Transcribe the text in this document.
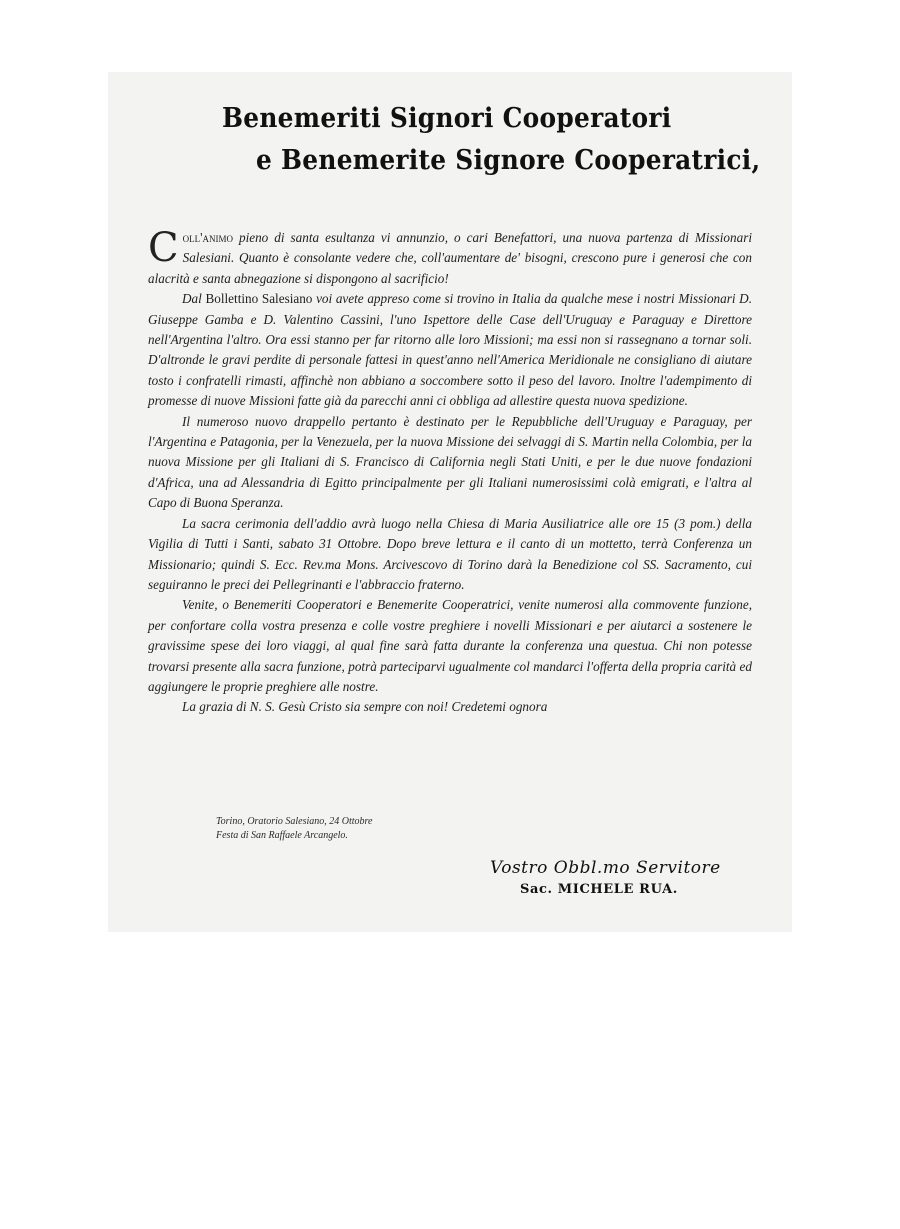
Benemeriti Signori Cooperatori
e Benemerite Signore Cooperatrici,

Coll'animo pieno di santa esultanza vi annunzio, o cari Benefattori, una nuova partenza di Missionari Salesiani. Quanto è consolante vedere che, coll'aumentare de' bisogni, crescono pure i generosi che con alacrità e santa abnegazione si dispongono al sacrificio!

Dal Bollettino Salesiano voi avete appreso come si trovino in Italia da qualche mese i nostri Missionari D. Giuseppe Gamba e D. Valentino Cassini, l'uno Ispettore delle Case dell'Uruguay e Paraguay e Direttore nell'Argentina l'altro. Ora essi stanno per far ritorno alle loro Missioni; ma essi non si rassegnano a tornar soli. D'altronde le gravi perdite di personale fattesi in quest'anno nell'America Meridionale ne consigliano di aiutare tosto i confratelli rimasti, affinchè non abbiano a soccombere sotto il peso del lavoro. Inoltre l'adempimento di promesse di nuove Missioni fatte già da parecchi anni ci obbliga ad allestire questa nuova spedizione.

Il numeroso nuovo drappello pertanto è destinato per le Repubbliche dell'Uruguay e Paraguay, per l'Argentina e Patagonia, per la Venezuela, per la nuova Missione dei selvaggi di S. Martin nella Colombia, per la nuova Missione per gli Italiani di S. Francisco di California negli Stati Uniti, e per le due nuove fondazioni d'Africa, una ad Alessandria di Egitto principalmente per gli Italiani numerosissimi colà emigrati, e l'altra al Capo di Buona Speranza.

La sacra cerimonia dell'addio avrà luogo nella Chiesa di Maria Ausiliatrice alle ore 15 (3 pom.) della Vigilia di Tutti i Santi, sabato 31 Ottobre. Dopo breve lettura e il canto di un mottetto, terrà Conferenza un Missionario; quindi S. Ecc. Rev.ma Mons. Arcivescovo di Torino darà la Benedizione col SS. Sacramento, cui seguiranno le preci dei Pellegrinanti e l'abbraccio fraterno.

Venite, o Benemeriti Cooperatori e Benemerite Cooperatrici, venite numerosi alla commovente funzione, per confortare colla vostra presenza e colle vostre preghiere i novelli Missionari e per aiutarci a sostenere le gravissime spese dei loro viaggi, al qual fine sarà fatta durante la conferenza una questua. Chi non potesse trovarsi presente alla sacra funzione, potrà parteciparvi ugualmente col mandarci l'offerta della propria carità ed aggiungere le proprie preghiere alle nostre.

La grazia di N. S. Gesù Cristo sia sempre con noi! Credetemi ognora

Torino, Oratorio Salesiano, 24 Ottobre
Festa di San Raffaele Arcangelo.
Vostro Obbl.mo Servitore
Sac. MICHELE RUA.
